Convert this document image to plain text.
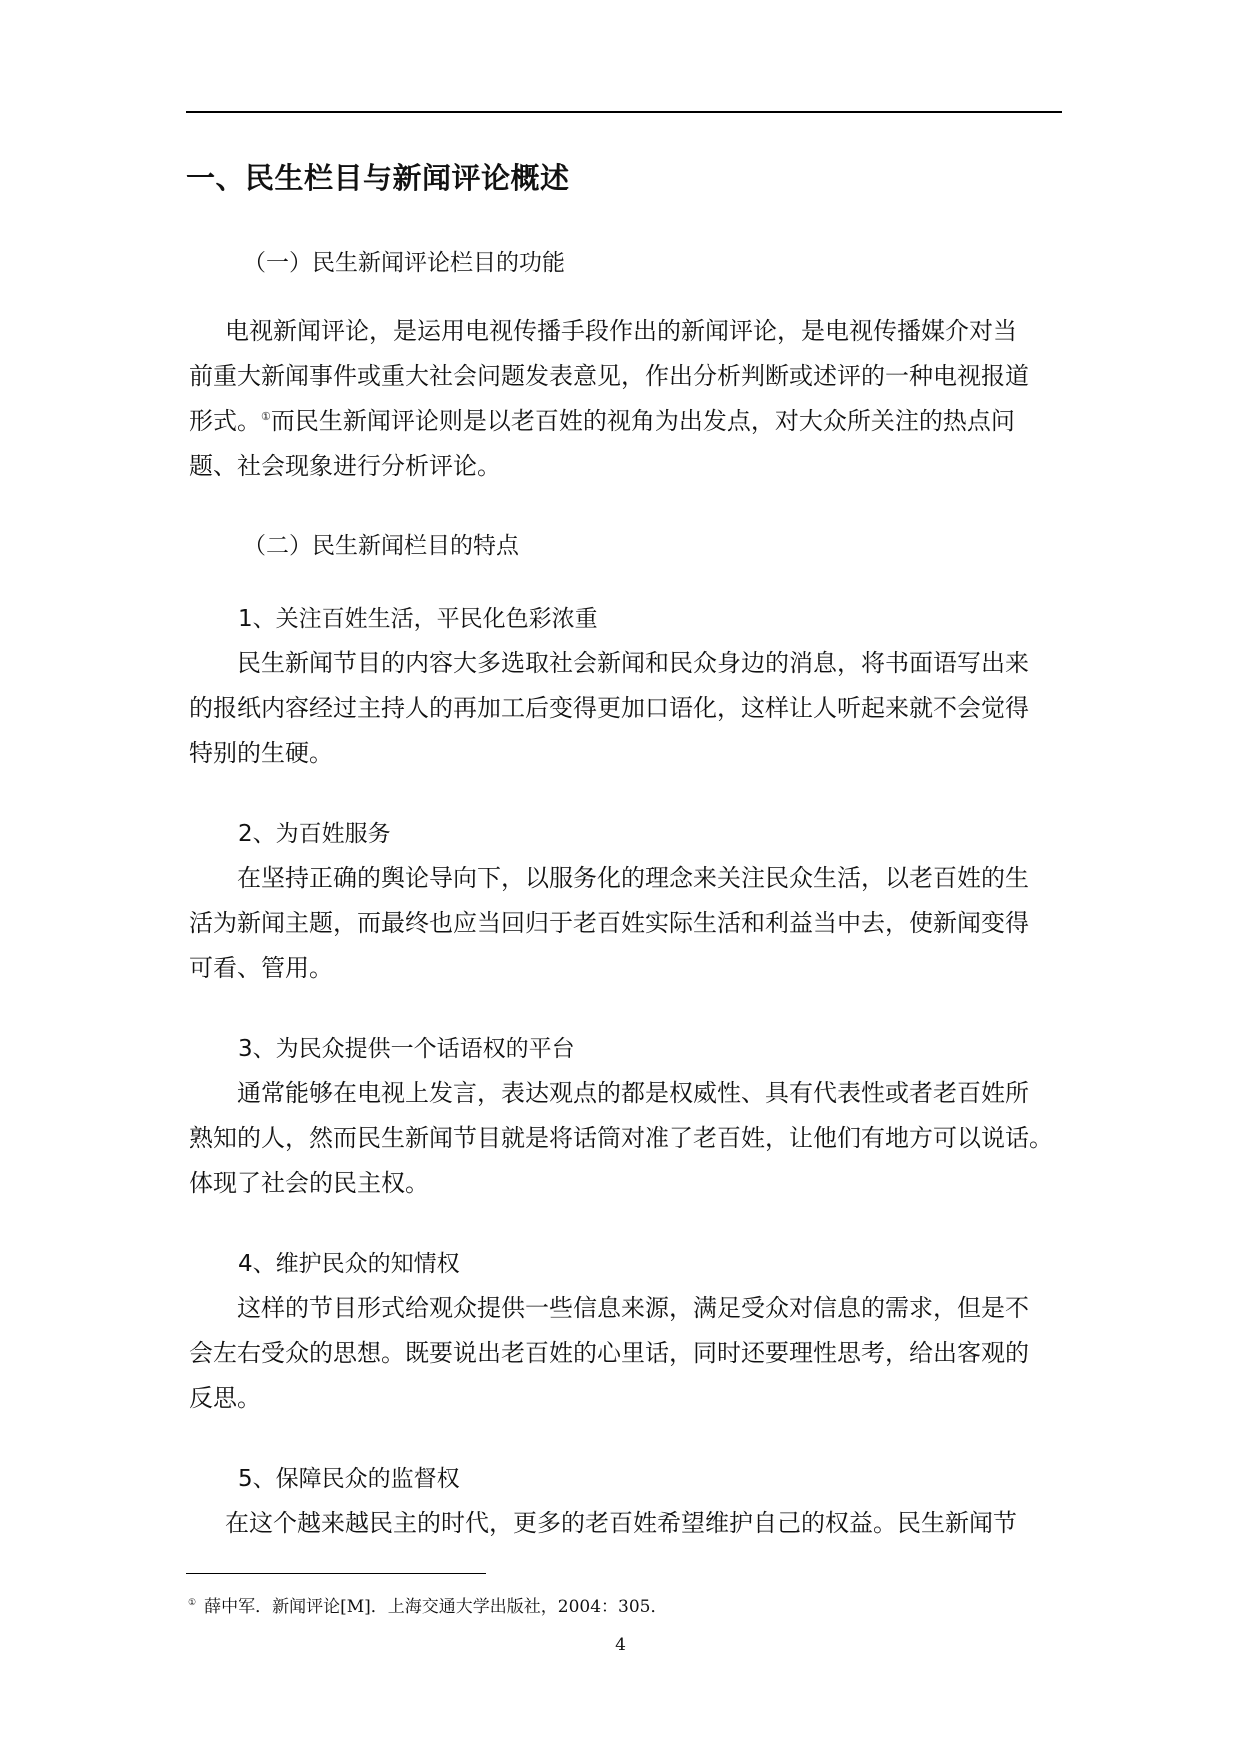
一、民生栏目与新闻评论概述
（一）民生新闻评论栏目的功能

电视新闻评论，是运用电视传播手段作出的新闻评论，是电视传播媒介对当
前重大新闻事件或重大社会问题发表意见，作出分析判断或述评的一种电视报道
形式。①而民生新闻评论则是以老百姓的视角为出发点，对大众所关注的热点问
题、社会现象进行分析评论。

（二）民生新闻栏目的特点
1、关注百姓生活，平民化色彩浓重

民生新闻节目的内容大多选取社会新闻和民众身边的消息，将书面语写出来
的报纸内容经过主持人的再加工后变得更加口语化，这样让人听起来就不会觉得
特别的生硬。

2、为百姓服务

在坚持正确的舆论导向下，以服务化的理念来关注民众生活，以老百姓的生
活为新闻主题，而最终也应当回归于老百姓实际生活和利益当中去，使新闻变得
可看、管用。

3、为民众提供一个话语权的平台

通常能够在电视上发言，表达观点的都是权威性、具有代表性或者老百姓所
熟知的人，然而民生新闻节目就是将话筒对准了老百姓，让他们有地方可以说话。
体现了社会的民主权。

4、维护民众的知情权

这样的节目形式给观众提供一些信息来源，满足受众对信息的需求，但是不
会左右受众的思想。既要说出老百姓的心里话，同时还要理性思考，给出客观的
反思。

5、保障民众的监督权

在这个越来越民主的时代，更多的老百姓希望维护自己的权益。民生新闻节

① 薛中军．新闻评论[M]．上海交通大学出版社，2004：305．
4
